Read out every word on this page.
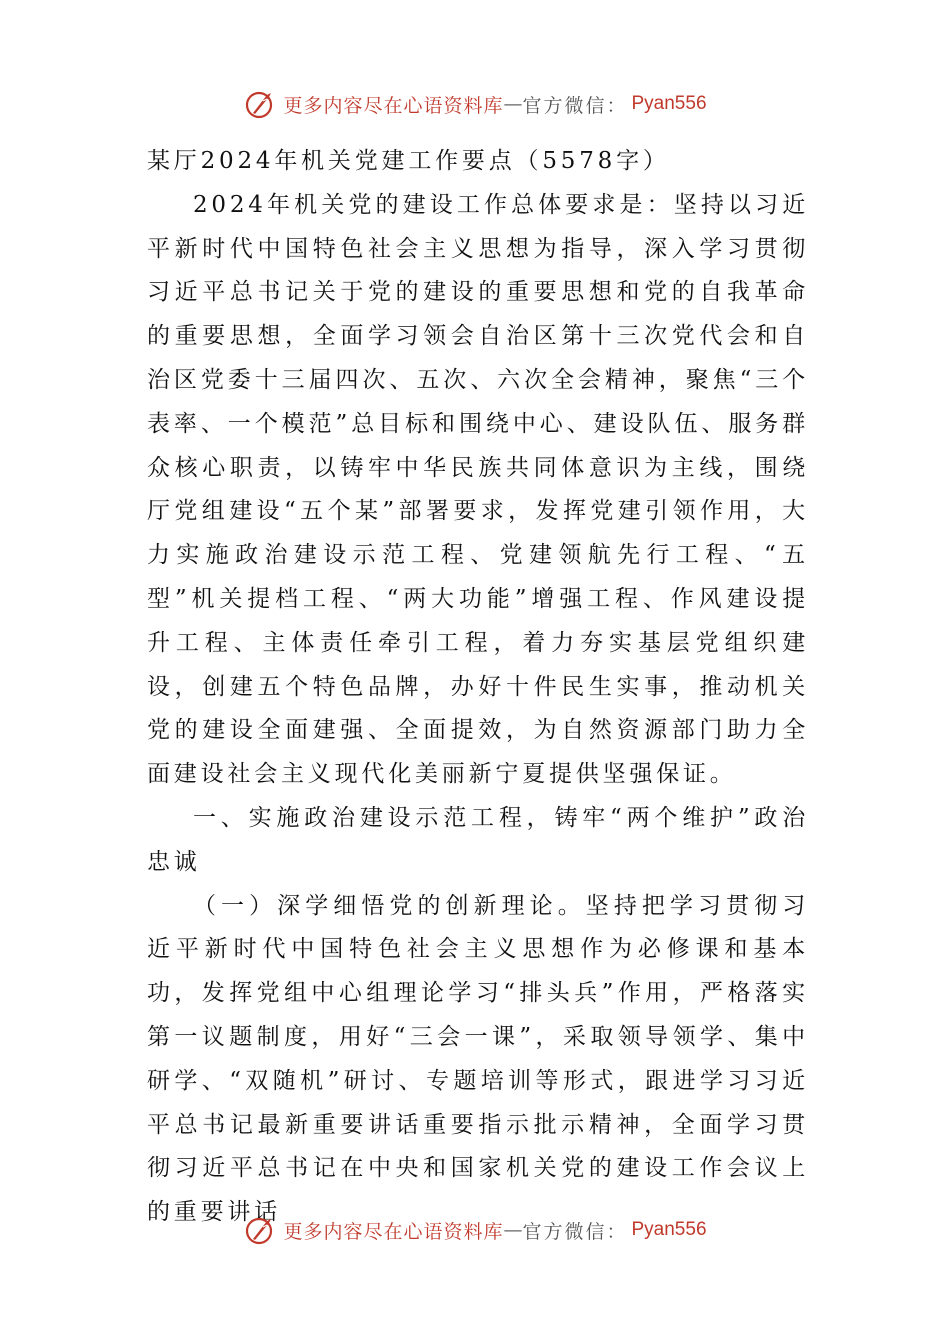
更多内容尽在心语资料库 — 官方微信： Pyan556

某厅2024年机关党建工作要点（5578字）

2024年机关党的建设工作总体要求是：坚持以习近平新时代中国特色社会主义思想为指导，深入学习贯彻习近平总书记关于党的建设的重要思想和党的自我革命的重要思想，全面学习领会自治区第十三次党代会和自治区党委十三届四次、五次、六次全会精神，聚焦“三个表率、一个模范”总目标和围绕中心、建设队伍、服务群众核心职责，以铸牢中华民族共同体意识为主线，围绕厅党组建设“五个某”部署要求，发挥党建引领作用，大力实施政治建设示范工程、党建领航先行工程、“五型”机关提档工程、“两大功能”增强工程、作风建设提升工程、主体责任牵引工程，着力夯实基层党组织建设，创建五个特色品牌，办好十件民生实事，推动机关党的建设全面建强、全面提效，为自然资源部门助力全面建设社会主义现代化美丽新宁夏提供坚强保证。

一、实施政治建设示范工程，铸牢“两个维护”政治忠诚

（一）深学细悟党的创新理论。坚持把学习贯彻习近平新时代中国特色社会主义思想作为必修课和基本功，发挥党组中心组理论学习“排头兵”作用，严格落实第一议题制度，用好“三会一课”，采取领导领学、集中研学、“双随机”研讨、专题培训等形式，跟进学习习近平总书记最新重要讲话重要指示批示精神，全面学习贯彻习近平总书记在中央和国家机关党的建设工作会议上的重要讲话

更多内容尽在心语资料库 — 官方微信： Pyan556
